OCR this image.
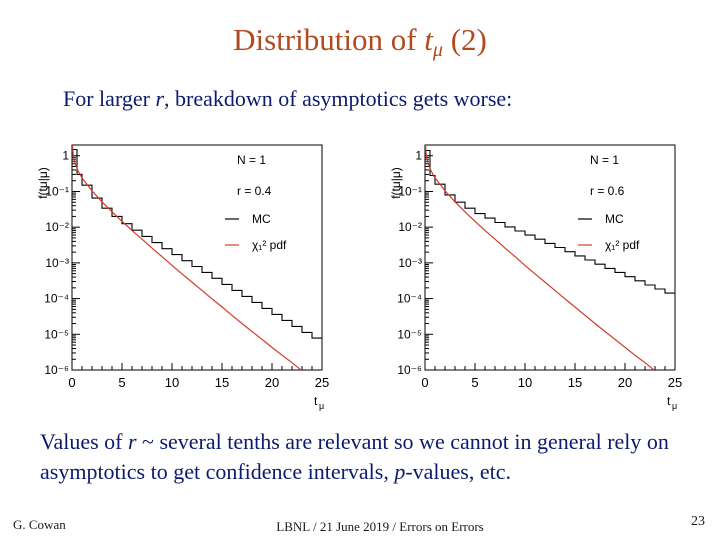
Distribution of tμ (2)
For larger r, breakdown of asymptotics gets worse:
0	5	10	15	20	25
1
10⁻¹
10⁻²
10⁻³
10⁻⁴
10⁻⁵
10⁻⁶
f(tμ|μ)
t μ
N = 1
r = 0.4
MC
χ₁² pdf
0	5	10	15	20	25
1
10⁻¹
10⁻²
10⁻³
10⁻⁴
10⁻⁵
10⁻⁶
f(tμ|μ)
t μ
N = 1
r = 0.6
MC
χ₁² pdf
Values of r ~ several tenths are relevant so we cannot in general rely on asymptotics to get confidence intervals, p-values, etc.
G. Cowan	LBNL / 21 June 2019 / Errors on Errors	23
